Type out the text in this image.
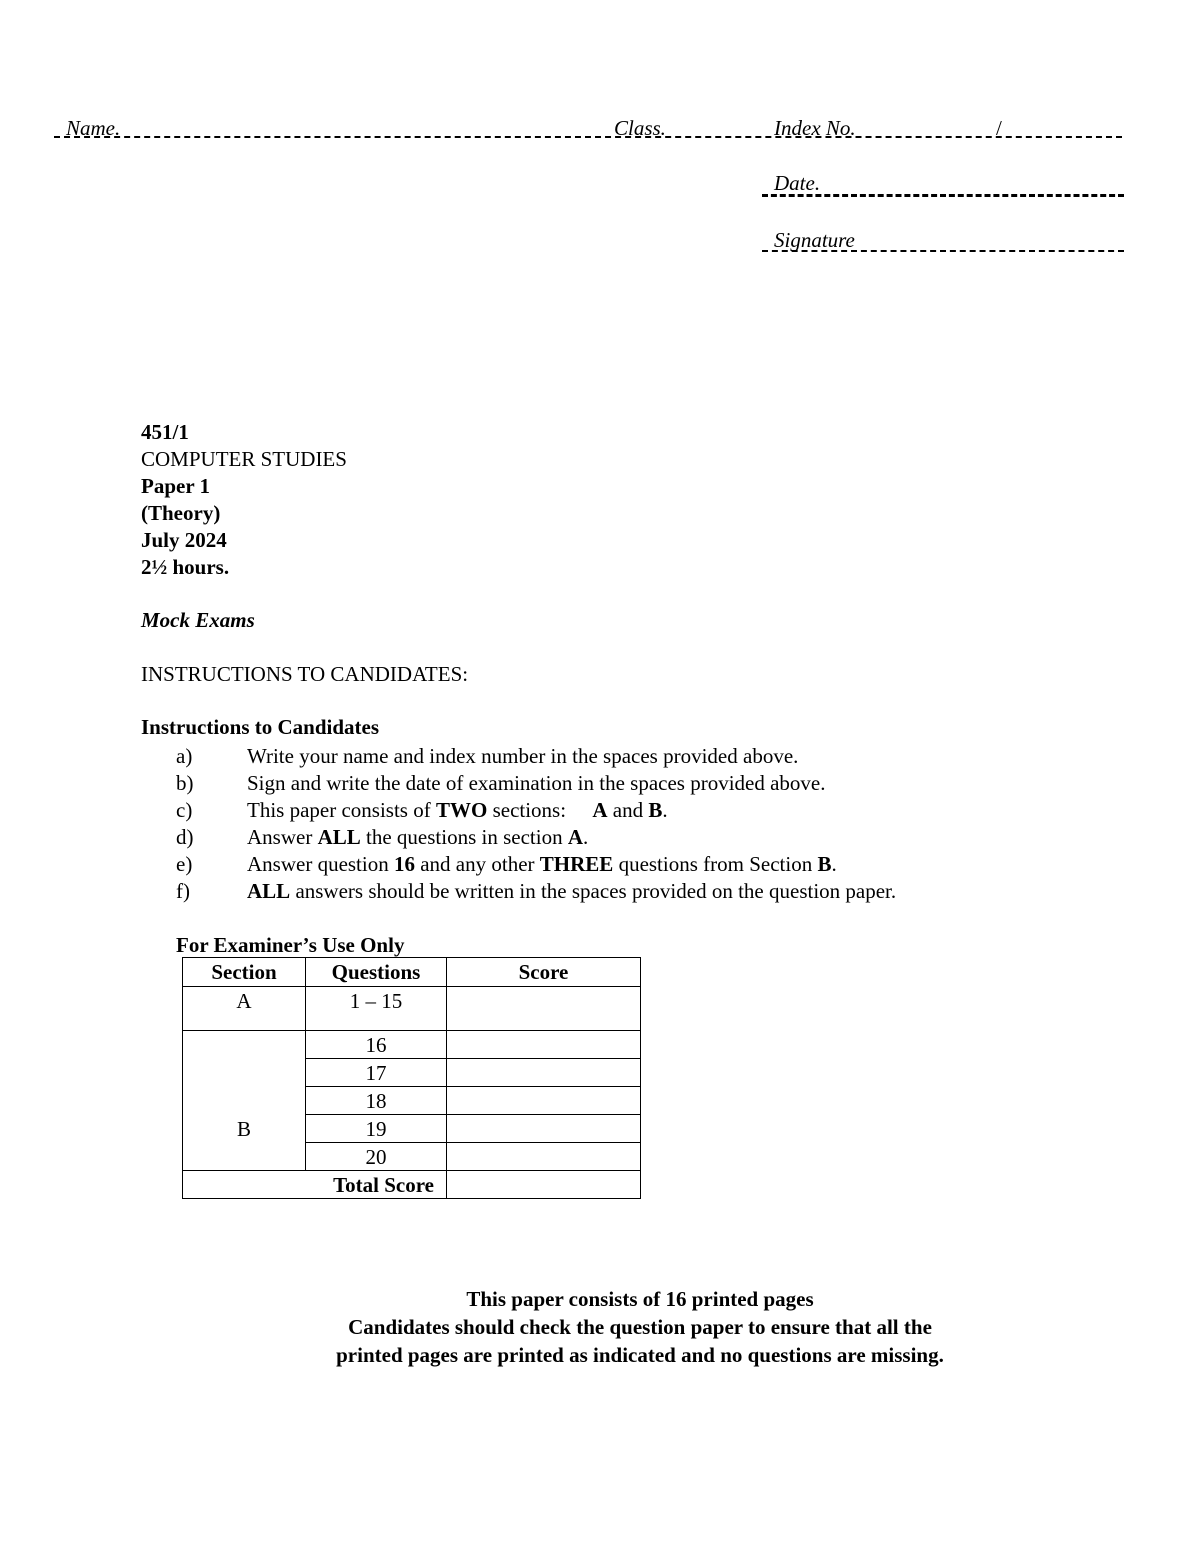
Name.	Class.	Index No.	/
Date.
Signature
451/1
COMPUTER STUDIES
Paper 1
(Theory)
July 2024
2½ hours.
Mock Exams
INSTRUCTIONS TO CANDIDATES:
Instructions to Candidates
a)	Write your name and index number in the spaces provided above.
b)	Sign and write the date of examination in the spaces provided above.
c)	This paper consists of TWO sections:     A and B.
d)	Answer ALL the questions in section A.
e)	Answer question 16 and any other THREE questions from Section B.
f)	ALL answers should be written in the spaces provided on the question paper.
For Examiner’s Use Only
Section	Questions	Score
A	1 – 15	
B	16	
	17	
	18	
	19	
	20	
Total Score		
This paper consists of 16 printed pages
Candidates should check the question paper to ensure that all the
printed pages are printed as indicated and no questions are missing.
